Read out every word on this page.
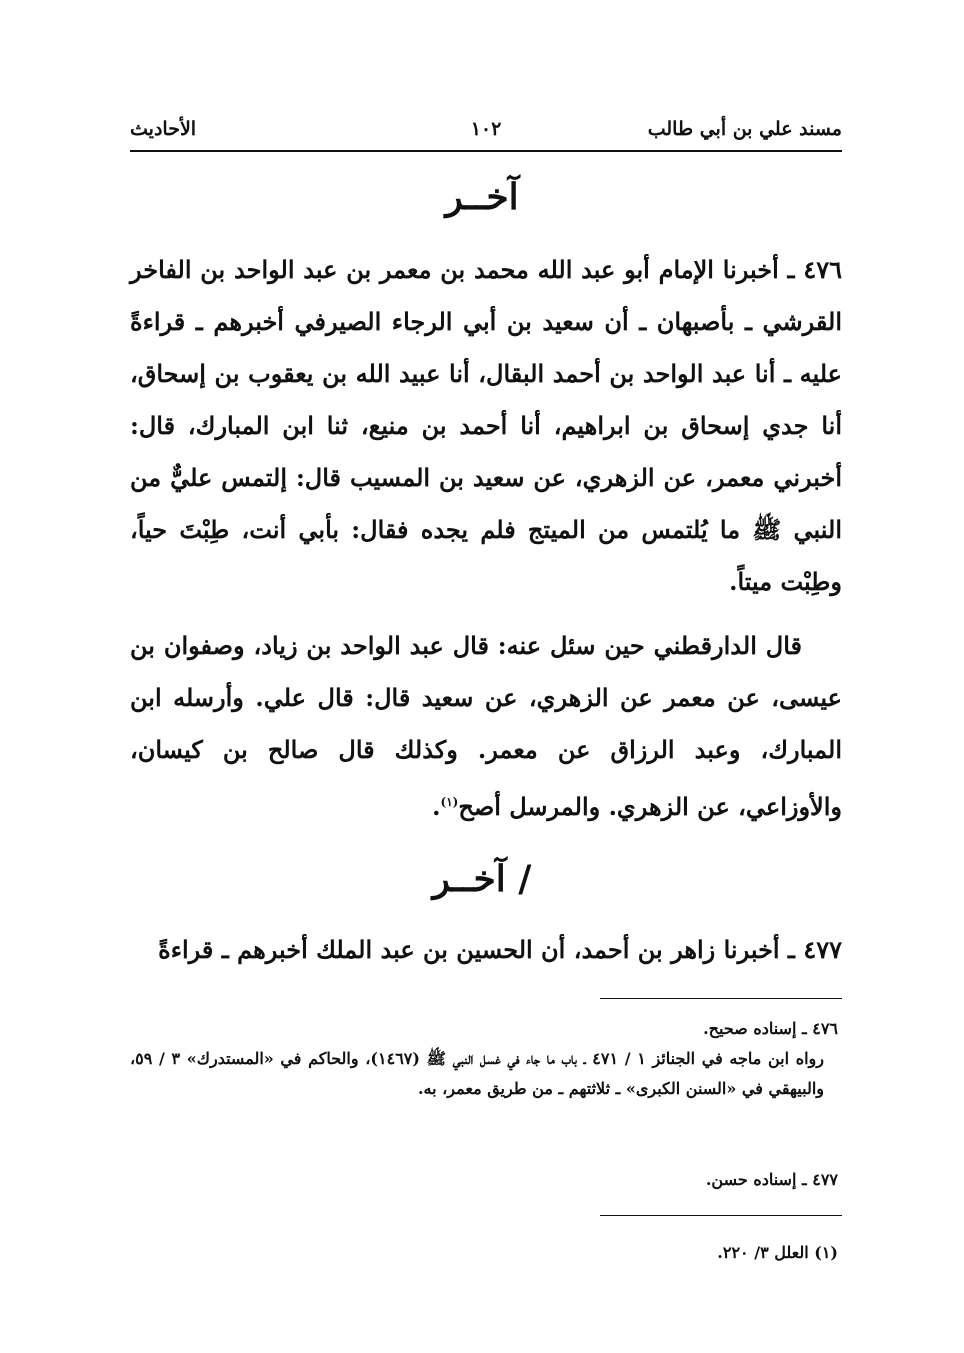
مسند علي بن أبي طالب
١٠٢
الأحاديث
آخــر
٤٧٦ ـ أخبرنا الإمام أبو عبد الله محمد بن معمر بن عبد الواحد بن الفاخر القرشي ـ بأصبهان ـ أن سعيد بن أبي الرجاء الصيرفي أخبرهم ـ قراءةً عليه ـ أنا عبد الواحد بن أحمد البقال، أنا عبيد الله بن يعقوب بن إسحاق، أنا جدي إسحاق بن ابراهيم، أنا أحمد بن منيع، ثنا ابن المبارك، قال: أخبرني معمر، عن الزهري، عن سعيد بن المسيب قال: إلتمس عليٌّ من النبي ﷺ ما يُلتمس من الميتج فلم يجده فقال: بأبي أنت، طِبْتَ حياً، وطِبْت ميتاً.
قال الدارقطني حين سئل عنه: قال عبد الواحد بن زياد، وصفوان بن عيسى، عن معمر عن الزهري، عن سعيد قال: قال علي. وأرسله ابن المبارك، وعبد الرزاق عن معمر. وكذلك قال صالح بن كيسان، والأوزاعي، عن الزهري. والمرسل أصح$^{(١)}$.
/ آخــر
٤٧٧ ـ أخبرنا زاهر بن أحمد، أن الحسين بن عبد الملك أخبرهم ـ قراءةً
٤٧٦ ـ إسناده صحيح.
رواه ابن ماجه في الجنائز ١ / ٤٧١ ـ باب ما جاء في غسل النبي ﷺ (١٤٦٧)، والحاكم في «المستدرك» ٣ / ٥٩، والبيهقي في «السنن الكبرى» ـ ثلاثتهم ـ من طريق معمر، به.
٤٧٧ ـ إسناده حسن.
(١) العلل ٣/ ٢٢٠.
